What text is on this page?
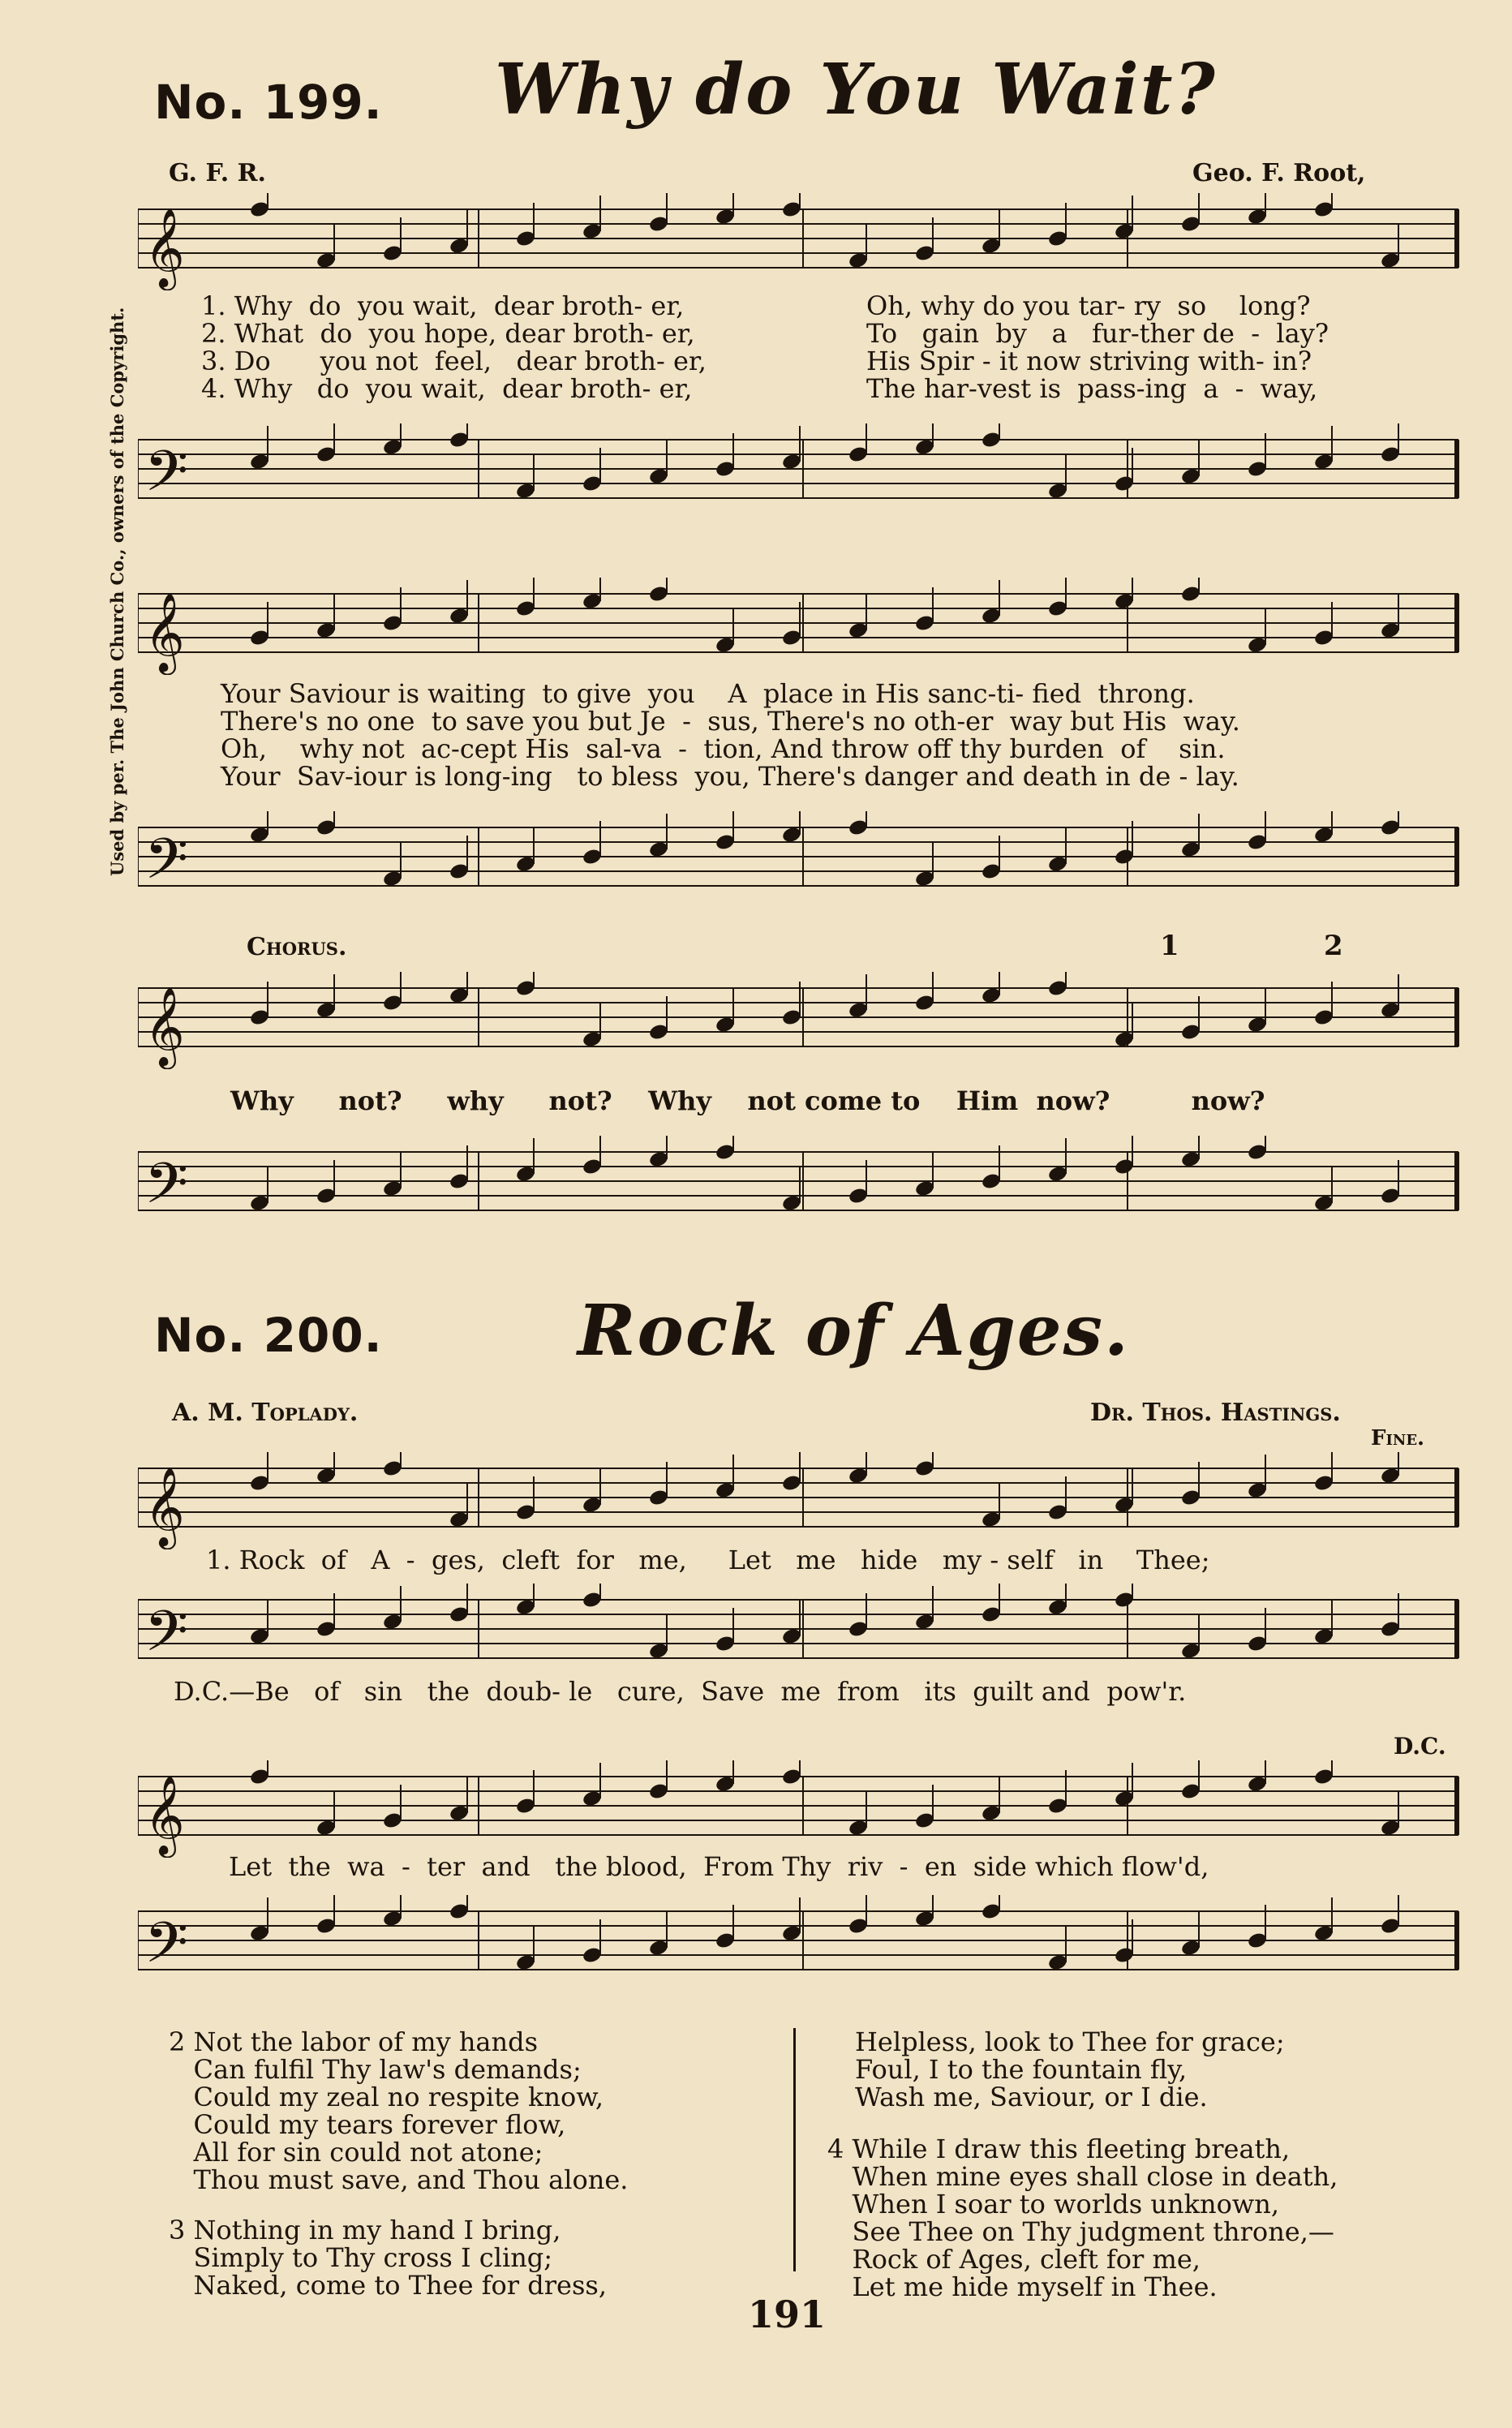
No. 199. Why do You Wait?
G. F. R.	Geo. F. Root,
Used by per. The John Church Co., owners of the Copyright.
𝄞
1. Why  do  you wait,  dear broth- er,
2. What  do  you hope, dear broth- er,
3. Do      you not  feel,   dear broth- er,
4. Why   do  you wait,  dear broth- er,
Oh, why do you tar- ry  so    long?
To   gain  by   a   fur-ther de  -  lay?
His Spir - it now striving with- in?
The har-vest is  pass-ing  a  -  way,
𝄢
𝄞
Your Saviour is waiting  to give  you    A  place in His sanc-ti- fied  throng.
There's no one  to save you but Je  -  sus, There's no oth-er  way but His  way.
Oh,    why not  ac-cept His  sal-va  -  tion, And throw off thy burden  of    sin.
Your  Sav-iour is long-ing   to bless  you, There's danger and death in de - lay.
𝄢
Chorus.	1	2
𝄞
Why     not?     why     not?    Why    not come to    Him  now?         now?
𝄢
No. 200.	Rock of Ages.
A. M. Toplady.	Dr. Thos. Hastings.
Fine.
𝄞
1. Rock  of   A  -  ges,  cleft  for   me,     Let   me   hide   my - self   in    Thee;
𝄢
D.C.—Be   of   sin   the  doub- le   cure,  Save  me  from   its  guilt and  pow'r.
D.C.
𝄞
Let  the  wa  -  ter  and   the blood,  From Thy  riv  -  en  side which flow'd,
𝄢
2 Not the labor of my hands
Can fulfil Thy law's demands;
Could my zeal no respite know,
Could my tears forever flow,
All for sin could not atone;
Thou must save, and Thou alone.
3 Nothing in my hand I bring,
Simply to Thy cross I cling;
Naked, come to Thee for dress,
Helpless, look to Thee for grace;
Foul, I to the fountain fly,
Wash me, Saviour, or I die.
4 While I draw this fleeting breath,
When mine eyes shall close in death,
When I soar to worlds unknown,
See Thee on Thy judgment throne,—
Rock of Ages, cleft for me,
Let me hide myself in Thee.
191
